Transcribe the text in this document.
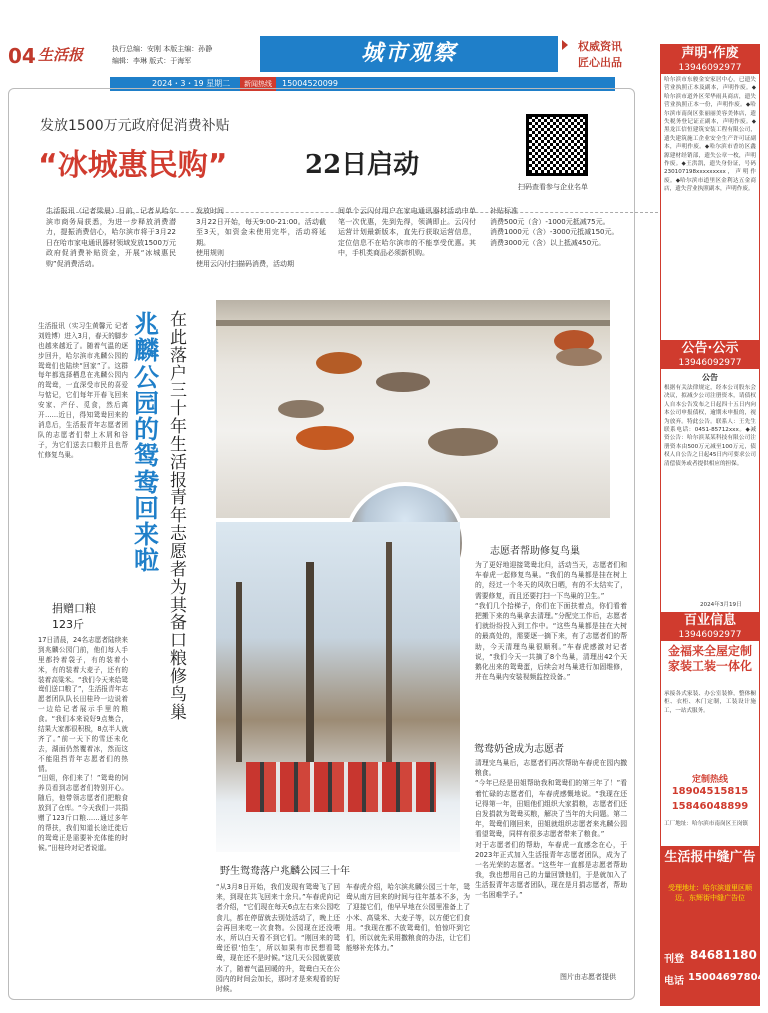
04 生活报	执行总编：安刚 本版主编：孙静
编辑：李琳 版式：于海军	城市观察	权威资讯
匠心出品
2024・3・19 星期二	新闻热线	15004520099
发放1500万元政府促消费补贴
“冰城惠民购”	22日启动
扫码查看参与企业名单
生活报讯（记者梁晨）日前，记者从哈尔滨市商务局获悉，为进一步释放消费潜力，提振消费信心，哈尔滨市将于3月22日在哈市家电通讯器材领域发放1500万元政府促消费补贴资金，开展“冰城惠民购”促消费活动。
发放时间
3月22日开始，每天9:00-21:00。活动截至3天，如资金未使用完毕，活动将延期。
使用规则
使用云闪付扫描码消费，活动期
间单个云闪付用户在家电通讯器材活动中单笔一次优惠，先到先得，领满即止。云闪付运营计划最新版本，直先行获取运营信息，定位信息不在哈尔滨市的不能享受优惠。其中，手机类商品必须新机购。
补贴标准
消费500元（含）-1000元抵减75元。
消费1000元（含）-3000元抵减150元。
消费3000元（含）以上抵减450元。
生活报讯（实习生黄馨元 记者刘姓博）进入3月，春天的脚步也越来越近了。随着气温的逐步回升，哈尔滨市兆麟公园的鸳鸯们也陆续“回家”了。这群每年都选择栖息在兆麟公园内的鸳鸯，一直深受市民的喜爱与惦记，它们每年开春飞回来安家、产仔、觅食，然后离开……近日，得知鸳鸯回来的消息后，生活报青年志愿者团队的志愿者们带上木屑和谷子，为它们送去口粮并且也帮忙修复鸟巢。
兆麟公园的鸳鸯回来啦
在此落户三十年 生活报青年志愿者为其备口粮修鸟巢
捐赠口粮
123斤
17日清晨，24名志愿者陆续来到兆麟公园门前，他们每人手里都拎着袋子，有的装着小米，有的装着大麦子，还有的装着高粱米。“我们今天来给鸳鸯们送口粮了”，生活报青年志愿者团队队长田桂玲一边说着一边给记者展示手里的粮食。“我们本来说好9点集合，结果大家都很积极，8点半人就齐了。”前一天下的雪还未化去，湖面仍然覆着冰，然而这不能阻挡青年志愿者们的热情。
“田姐，你们来了！”鸳鸯的饲养员看到志愿者们特别开心。随后，他带领志愿者们把粮食放到了仓库。“今天我们一共捐赠了123斤口粮……通过多年的帮扶，我们知道长途迁徙后的鸳鸯正是需要补充体能的时候。”田桂玲对记者说道。
野生鸳鸯落户兆麟公园三十年
志愿者帮助修复鸟巢
为了更好地迎接鸳鸯北归，活动当天，志愿者们和车春虎一起修复鸟巢。“我们的鸟巢都是挂在树上的，经过一个冬天的风吹日晒，有的不太结实了，需要修复，而且还要打扫一下鸟巢的卫生。”
“我们几个拾梯子，你们在下面扶着点，你们看着把搬下来的鸟巢拿去清理。”分配完工作后，志愿者们就纷纷投入到工作中。“这些鸟巢都是挂在大树的最高处的，需要逐一摘下来，有了志愿者们的帮助，今天清理鸟巢很顺利。”车春虎感激对记者说，“我们今天一共摘了8个鸟巢，清理出42个天鹅化出来的鸳鸯蛋，后续会对鸟巢进行加固维修，并在鸟巢内安装视频监控设备。”
鸳鸯奶爸成为志愿者
清理完鸟巢后，志愿者们再次帮助车春虎在园内撒粮食。
“今年已经是田姐帮助我和鸳鸯们的第三年了！”看着忙碌的志愿者们，车春虎感慨地说。“我现在还记得第一年，田姐他们组织大家捐粮，志愿者们还自发捐款为鸳鸯买粮，解决了当年的大问题。第二年，鸳鸯们刚回来，田姐就组织志愿者来兆麟公园看望鸳鸯，同样有很多志愿者带来了粮食。”
对于志愿者们的帮助，车春虎一直感念在心，于2023年正式加入生活报青年志愿者团队，成为了一名光荣的志愿者。“这些年一直都是志愿者帮助我，我也想用自己的力量回馈他们，于是就加入了生活报青年志愿者团队，现在是月捐志愿者，帮助一名困难学子。”
图片由志愿者提供
“从3月8日开始，我们发现有鸳鸯飞了回来，到现在共飞回来十余只。”车春虎向记者介绍，“它们现在每天6点左右来公园吃食儿，都在停留就去别处活动了，晚上还会再回来吃一次食物。公园现在还没喂水，所以白天看不到它们。“刚回来的鸳鸯还很‘怕生’，所以如果有市民想看鸳鸯，现在还不是时候。”这几天公园就要放水了，随着气温回暖的升，鸳鸯白天在公园内的时间会加长，那时才是来观看的好时候。
车春虎介绍，哈尔滨兆麟公园三十年，鸳鸯从南方回来的时间与往年基本不多，为了迎接它们，他早早地在公园里准备上了小米、高粱米、大麦子等，以方便它们食用。“我现在都不放鸳鸯们，怕惊吓到它们，所以就先采用撒粮食的办法，让它们能够补充体力。”
声明·作废
13946092977
哈尔滨市东骏金安家居中心，已遗失营业执照正本及副本，声明作废。◆哈尔滨市道外区荣华雨具商店，遗失营业执照正本一份，声明作废。◆哈尔滨市南岗区张丽丽美容美体店，遗失税务登记证正副本，声明作废。◆黑龙江信恒建筑安装工程有限公司，遗失建筑施工企业安全生产许可证副本，声明作废。◆哈尔滨市香坊区鑫源建材经销部，遗失公章一枚，声明作废。◆王洪凯，遗失身份证，号码230107198xxxxxxxxx，声明作废。◆哈尔滨市道里区金利达五金商店，遗失营业执照副本，声明作废。
公告·公示
13946092977
公告
根据有关法律规定，经本公司股东会决议，拟减少公司注册资本，请债权人自本公告发布之日起四十五日内向本公司申报债权，逾期未申报的，视为放弃。特此公告。联系人：王先生 联系电话：0451-85712xxx。◆减资公告：哈尔滨某某科技有限公司注册资本由500万元减至100万元，债权人自公告之日起45日内可要求公司清偿债务或者提供相应的担保。
2024年3月19日
百业信息
13946092977
金福来全屋定制家装工装一体化
承接各式家装、办公室装修，整体橱柜、衣柜、木门定制，工装设计施工，一站式服务。
定制热线
18904515815
15846048899
工厂地址：哈尔滨市南岗区王岗镇
生活报中缝广告
受理地址：哈尔滨道里区顺迈，东辉街中缝广告位
刊登 84681180
电话 15004697804
